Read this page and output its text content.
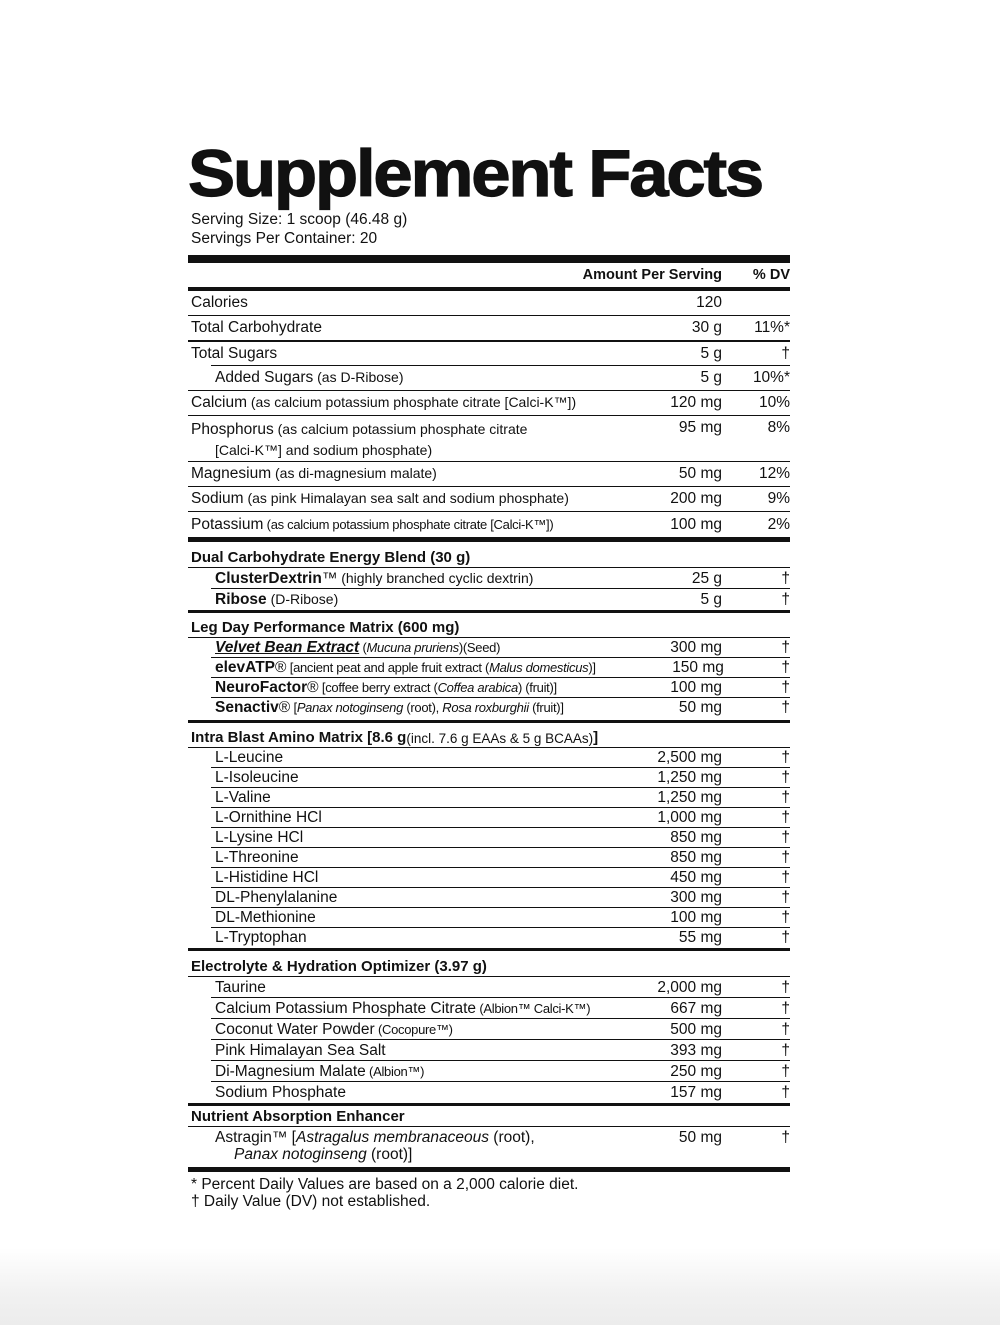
Supplement Facts
Serving Size: 1 scoop (46.48 g)
Servings Per Container: 20
Amount Per Serving	% DV
Calories	120
Total Carbohydrate	30 g	11%*
Total Sugars	5 g	†
Added Sugars (as D-Ribose)	5 g	10%*
Calcium (as calcium potassium phosphate citrate [Calci-K™])	120 mg	10%
Phosphorus (as calcium potassium phosphate citrate
[Calci-K™] and sodium phosphate)
95 mg	8%
Magnesium (as di-magnesium malate)	50 mg	12%
Sodium (as pink Himalayan sea salt and sodium phosphate)	200 mg	9%
Potassium (as calcium potassium phosphate citrate [Calci-K™])	100 mg	2%
Dual Carbohydrate Energy Blend (30 g)
ClusterDextrin™ (highly branched cyclic dextrin)	25 g	†
Ribose (D-Ribose)	5 g	†
Leg Day Performance Matrix (600 mg)
Velvet Bean Extract (Mucuna pruriens)(Seed)	300 mg	†
elevATP® [ancient peat and apple fruit extract (Malus domesticus)]	150 mg	†
NeuroFactor® [coffee berry extract (Coffea arabica) (fruit)]	100 mg	†
Senactiv® [Panax notoginseng (root), Rosa roxburghii (fruit)]	50 mg	†
Intra Blast Amino Matrix [8.6 g (incl. 7.6 g EAAs & 5 g BCAAs) ]
L-Leucine	2,500 mg	†
L-Isoleucine	1,250 mg	†
L-Valine	1,250 mg	†
L-Ornithine HCl	1,000 mg	†
L-Lysine HCl	850 mg	†
L-Threonine	850 mg	†
L-Histidine HCl	450 mg	†
DL-Phenylalanine	300 mg	†
DL-Methionine	100 mg	†
L-Tryptophan	55 mg	†
Electrolyte & Hydration Optimizer (3.97 g)
Taurine	2,000 mg	†
Calcium Potassium Phosphate Citrate (Albion™ Calci-K™)	667 mg	†
Coconut Water Powder (Cocopure™)	500 mg	†
Pink Himalayan Sea Salt	393 mg	†
Di-Magnesium Malate (Albion™)	250 mg	†
Sodium Phosphate	157 mg	†
Nutrient Absorption Enhancer
Astragin™ [Astragalus membranaceous (root),
Panax notoginseng (root)]
50 mg	†
* Percent Daily Values are based on a 2,000 calorie diet.
† Daily Value (DV) not established.
